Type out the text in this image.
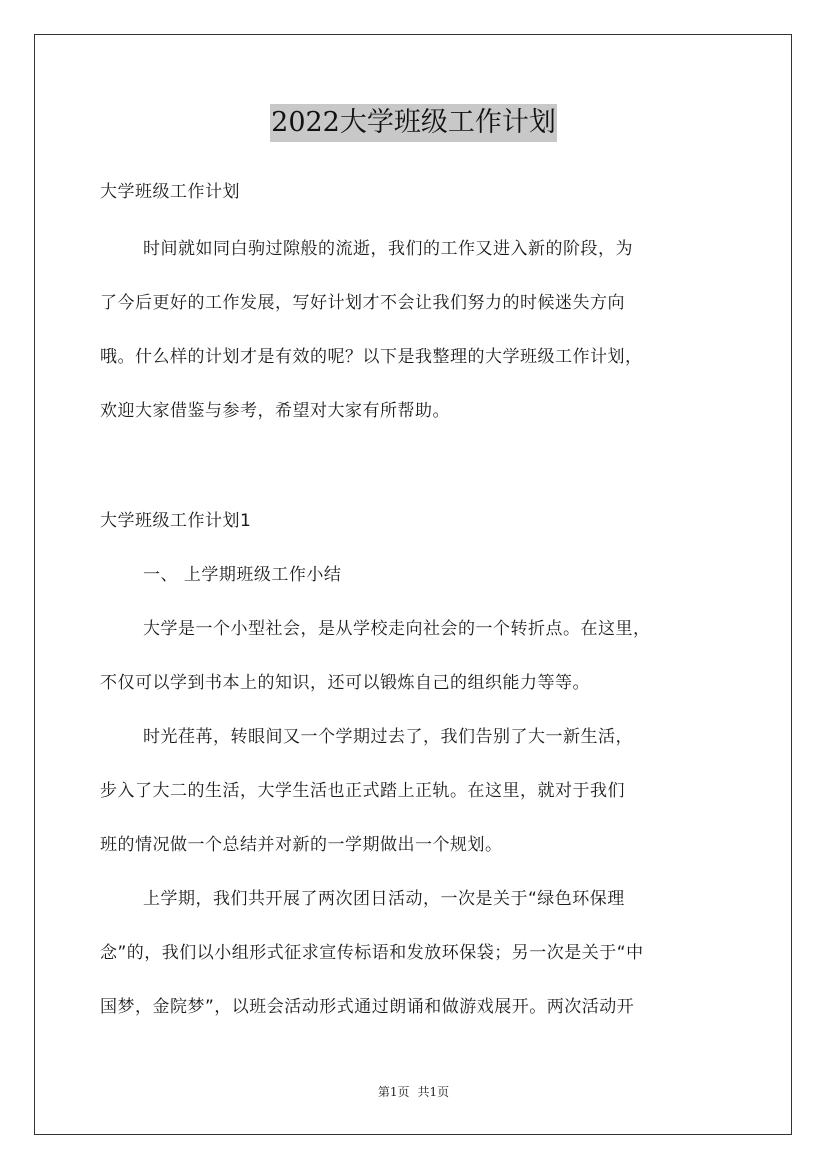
2022大学班级工作计划
大学班级工作计划
时间就如同白驹过隙般的流逝，我们的工作又进入新的阶段，为
了今后更好的工作发展，写好计划才不会让我们努力的时候迷失方向
哦。什么样的计划才是有效的呢？以下是我整理的大学班级工作计划，
欢迎大家借鉴与参考，希望对大家有所帮助。
大学班级工作计划1
一、 上学期班级工作小结
大学是一个小型社会，是从学校走向社会的一个转折点。在这里，
不仅可以学到书本上的知识，还可以锻炼自己的组织能力等等。
时光荏苒，转眼间又一个学期过去了，我们告别了大一新生活，
步入了大二的生活，大学生活也正式踏上正轨。在这里，就对于我们
班的情况做一个总结并对新的一学期做出一个规划。
上学期，我们共开展了两次团日活动，一次是关于“绿色环保理
念”的，我们以小组形式征求宣传标语和发放环保袋；另一次是关于“中
国梦，金院梦”，以班会活动形式通过朗诵和做游戏展开。两次活动开
第1页 共1页
